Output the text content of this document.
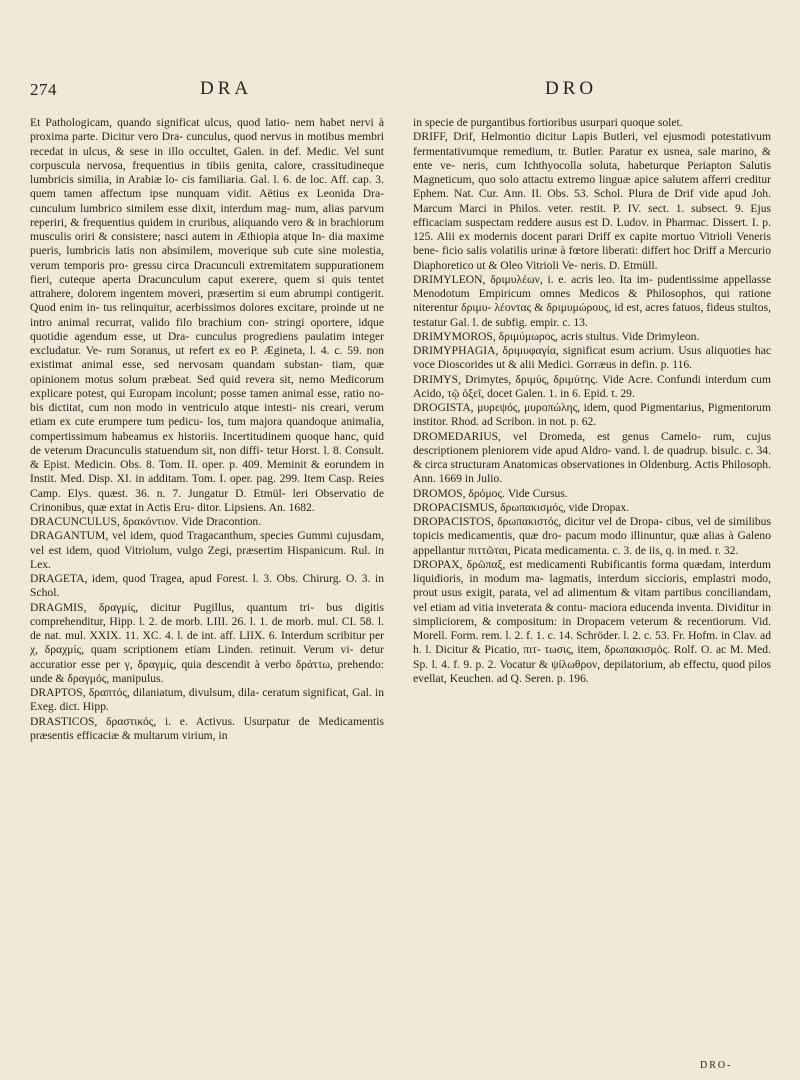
274	DRA	DRO

Et Pathologicam, quando significat ulcus, quod latio- nem habet nervi à proxima parte. Dicitur vero Dra- cunculus, quod nervus in motibus membri recedat in ulcus, & sese in illo occultet, Galen. in def. Medic. Vel sunt corpuscula nervosa, frequentius in tibiis genita, calore, crassitudineque lumbricis similia, in Arabiæ lo- cis familiaria. Gal. l. 6. de loc. Aff. cap. 3. quem tamen affectum ipse nunquam vidit. Aëtius ex Leonida Dra- cunculum lumbrico similem esse dixit, interdum mag- num, alias parvum reperiri, & frequentius quidem in cruribus, aliquando vero & in brachiorum musculis oriri & consistere; nasci autem in Æthiopia atque In- dia maxime pueris, lumbricis latis non absimilem, moverique sub cute sine molestia, verum temporis pro- gressu circa Dracunculi extremitatem suppurationem fieri, cuteque aperta Dracunculum caput exerere, quem si quis tentet attrahere, dolorem ingentem moveri, præsertim si eum abrumpi contigerit. Quod enim in- tus relinquitur, acerbissimos dolores excitare, proinde ut ne intro animal recurrat, valido filo brachium con- stringi oportere, idque quotidie agendum esse, ut Dra- cunculus progrediens paulatim integer excludatur. Ve- rum Soranus, ut refert ex eo P. Ægineta, l. 4. c. 59. non existimat animal esse, sed nervosam quandam substan- tiam, quæ opinionem motus solum præbeat. Sed quid revera sit, nemo Medicorum explicare potest, qui Europam incolunt; posse tamen animal esse, ratio no- bis dictitat, cum non modo in ventriculo atque intesti- nis creari, verum etiam ex cute erumpere tum pedicu- los, tum majora quandoque animalia, compertissimum habeamus ex historiis. Incertitudinem quoque hanc, quid de veterum Dracunculis statuendum sit, non diffi- tetur Horst. l. 8. Consult. & Epist. Medicin. Obs. 8. Tom. II. oper. p. 409. Meminit & eorundem in Instit. Med. Disp. XI. in additam. Tom. I. oper. pag. 299. Item Casp. Reies Camp. Elys. quæst. 36. n. 7. Jungatur D. Etmül- leri Observatio de Crinonibus, quæ extat in Actis Eru- ditor. Lipsiens. An. 1682.

DRACUNCULUS, δρακόντιον. Vide Dracontion.

DRAGANTUM, vel idem, quod Tragacanthum, species Gummi cujusdam, vel est idem, quod Vitriolum, vulgo Zegi, præsertim Hispanicum. Rul. in Lex.

DRAGETA, idem, quod Tragea, apud Forest. l. 3. Obs. Chirurg. O. 3. in Schol.

DRAGMIS, δραγμίς, dicitur Pugillus, quantum tri- bus digitis comprehenditur, Hipp. l. 2. de morb. LIII. 26. l. 1. de morb. mul. CI. 58. l. de nat. mul. XXIX. 11. XC. 4. l. de int. aff. LIIX. 6. Interdum scribitur per χ, δραχμίς, quam scriptionem etiam Linden. retinuit. Verum vi- detur accuratior esse per γ, δραγμίς, quia descendit à verbo δράττω, prehendo: unde & δραγμός, manipulus.

DRAPTOS, δραπτός, dilaniatum, divulsum, dila- ceratum significat, Gal. in Exeg. dict. Hipp.

DRASTICOS, δραστικός, i. e. Activus. Usurpatur de Medicamentis præsentis efficaciæ & multarum virium, in

in specie de purgantibus fortioribus usurpari quoque solet.

DRIFF, Drif, Helmontio dicitur Lapis Butleri, vel ejusmodi potestativum fermentativumque remedium, tr. Butler. Paratur ex usnea, sale marino, & ente ve- neris, cum Ichthyocolla soluta, habeturque Periapton Salutis Magneticum, quo solo attactu extremo linguæ apice salutem afferri creditur Ephem. Nat. Cur. Ann. II. Obs. 53. Schol. Plura de Drif vide apud Joh. Marcum Marci in Philos. veter. restit. P. IV. sect. 1. subsect. 9. Ejus efficaciam suspectam reddere ausus est D. Ludov. in Pharmac. Dissert. I. p. 125. Alii ex modernis docent parari Driff ex capite mortuo Vitrioli Veneris bene- ficio salis volatilis urinæ à fœtore liberati: differt hoc Driff a Mercurio Diaphoretico ut & Oleo Vitrioli Ve- neris. D. Etmüll.

DRIMYLEON, δριμυλέων, i. e. acris leo. Ita im- pudentissime appellasse Menodotum Empiricum omnes Medicos & Philosophos, qui ratione niterentur δριμυ- λέοντας & δριμυμώρους, id est, acres fatuos, fideus stultos, testatur Gal. l. de subfig. empir. c. 13.

DRIMYMOROS, δριμύμωρος, acris stultus. Vide Drimyleon.

DRIMYPHAGIA, δριμυφαγία, significat esum acrium. Usus aliquoties hac voce Dioscorides ut & alii Medici. Gorræus in defin. p. 116.

DRIMYS, Drimytes, δριμύς, δριμύτης. Vide Acre. Confundi interdum cum Acido, τῷ ὀξεῖ, docet Galen. 1. in 6. Epid. t. 29.

DROGISTA, μυρεψός, μυροπώλης, idem, quod Pigmentarius, Pigmentorum institor. Rhod. ad Scribon. in not. p. 62.

DROMEDARIUS, vel Dromeda, est genus Camelo- rum, cujus descriptionem pleniorem vide apud Aldro- vand. l. de quadrup. bisulc. c. 34. & circa structuram Anatomicas observationes in Oldenburg. Actis Philosoph. Ann. 1669 in Julio.

DROMOS, δρόμος. Vide Cursus.

DROPACISMUS, δρωπακισμός, vide Dropax.

DROPACISTOS, δρωπακιστός, dicitur vel de Dropa- cibus, vel de similibus topicis medicamentis, quæ dro- pacum modo illinuntur, quæ alias à Galeno appellantur πιττῶται, Picata medicamenta. c. 3. de iis, q. in med. r. 32.

DROPAX, δρῶπαξ, est medicamenti Rubificantis forma quædam, interdum liquidioris, in modum ma- lagmatis, interdum siccioris, emplastri modo, prout usus exigit, parata, vel ad alimentum & vitam partibus conciliandam, vel etiam ad vitia inveterata & contu- maciora educenda inventa. Dividitur in simpliciorem, & compositum: in Dropacem veterum & recentiorum. Vid. Morell. Form. rem. l. 2. f. 1. c. 14. Schröder. l. 2. c. 53. Fr. Hofm. in Clav. ad h. l. Dicitur & Picatio, πιτ- τωσις, item, δρωπακισμός. Rolf. O. ac M. Med. Sp. l. 4. f. 9. p. 2. Vocatur & ψίλωθρον, depilatorium, ab effectu, quod pilos evellat, Keuchen. ad Q. Seren. p. 196.

DRO-
